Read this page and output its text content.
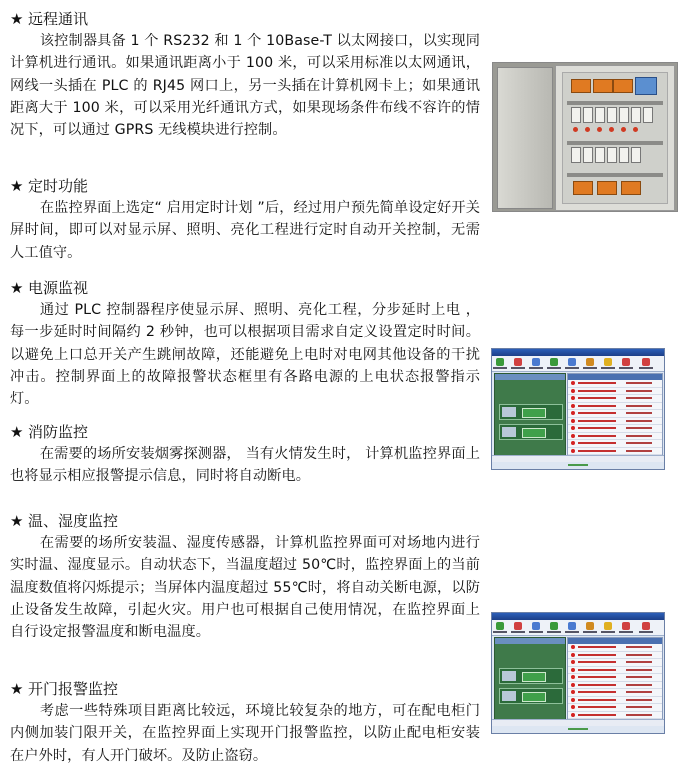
★ 远程通讯

该控制器具备 1 个 RS232 和 1 个 10Base-T 以太网接口，以实现同计算机进行通讯。如果通讯距离小于 100 米，可以采用标准以太网通讯，网线一头插在 PLC 的 RJ45 网口上，另一头插在计算机网卡上；如果通讯距离大于 100 米，可以采用光纤通讯方式，如果现场条件布线不容许的情况下，可以通过 GPRS 无线模块进行控制。

★ 定时功能

在监控界面上选定“ 启用定时计划 ”后，经过用户预先简单设定好开关屏时间，即可以对显示屏、照明、亮化工程进行定时自动开关控制，无需人工值守。

★ 电源监视

通过 PLC 控制器程序使显示屏、照明、亮化工程，分步延时上电 ，每一步延时时间隔约 2 秒钟，也可以根据项目需求自定义设置定时时间。以避免上口总开关产生跳闸故障，还能避免上电时对电网其他设备的干扰冲击。控制界面上的故障报警状态框里有各路电源的上电状态报警指示灯。

★ 消防监控

在需要的场所安装烟雾探测器， 当有火情发生时， 计算机监控界面上也将显示相应报警提示信息，同时将自动断电。

★ 温、湿度监控

在需要的场所安装温、湿度传感器，计算机监控界面可对场地内进行实时温、湿度显示。自动状态下，当温度超过 50℃时，监控界面上的当前温度数值将闪烁提示；当屏体内温度超过 55℃时，将自动关断电源，以防止设备发生故障，引起火灾。用户也可根据自己使用情况，在监控界面上自行设定报警温度和断电温度。

★ 开门报警监控

考虑一些特殊项目距离比较远，环境比较复杂的地方，可在配电柜门内侧加装门限开关，在监控界面上实现开门报警监控，以防止配电柜安装在户外时，有人开门破坏。及防止盗窃。
